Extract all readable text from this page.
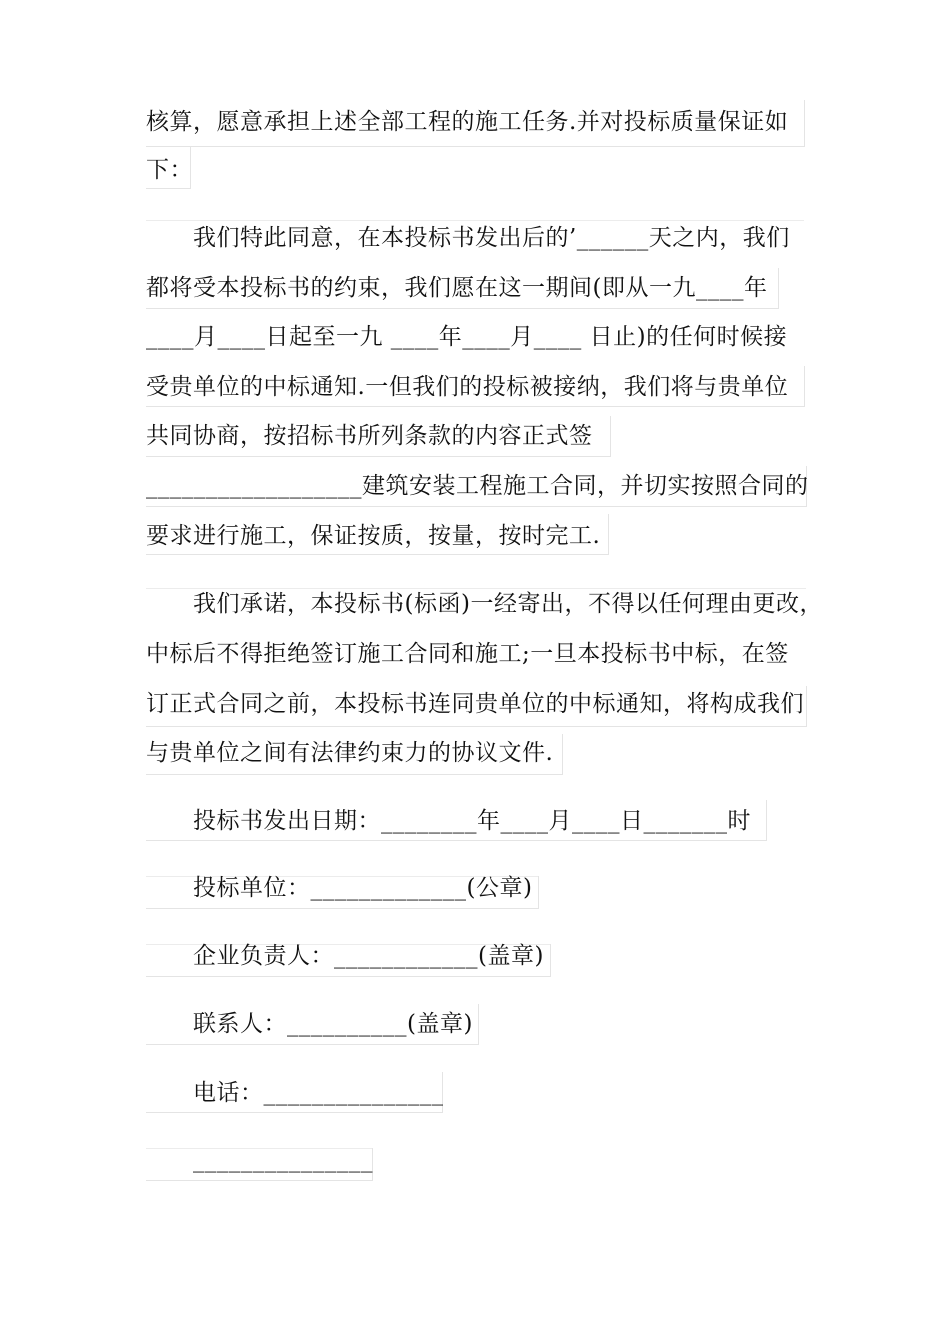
核算，愿意承担上述全部工程的施工任务.并对投标质量保证如
下：
我们特此同意，在本投标书发出后的’______天之内，我们
都将受本投标书的约束，我们愿在这一期间(即从一九____年
____月____日起至一九 ____年____月____ 日止)的任何时候接
受贵单位的中标通知.一但我们的投标被接纳，我们将与贵单位
共同协商，按招标书所列条款的内容正式签
__________________建筑安装工程施工合同，并切实按照合同的
要求进行施工，保证按质，按量，按时完工.
我们承诺，本投标书(标函)一经寄出，不得以任何理由更改，
中标后不得拒绝签订施工合同和施工;一旦本投标书中标，在签
订正式合同之前，本投标书连同贵单位的中标通知，将构成我们
与贵单位之间有法律约束力的协议文件.
投标书发出日期：________年____月____日_______时
投标单位：_____________(公章)
企业负责人：____________(盖章)
联系人：__________(盖章)
电话：_______________
_______________
